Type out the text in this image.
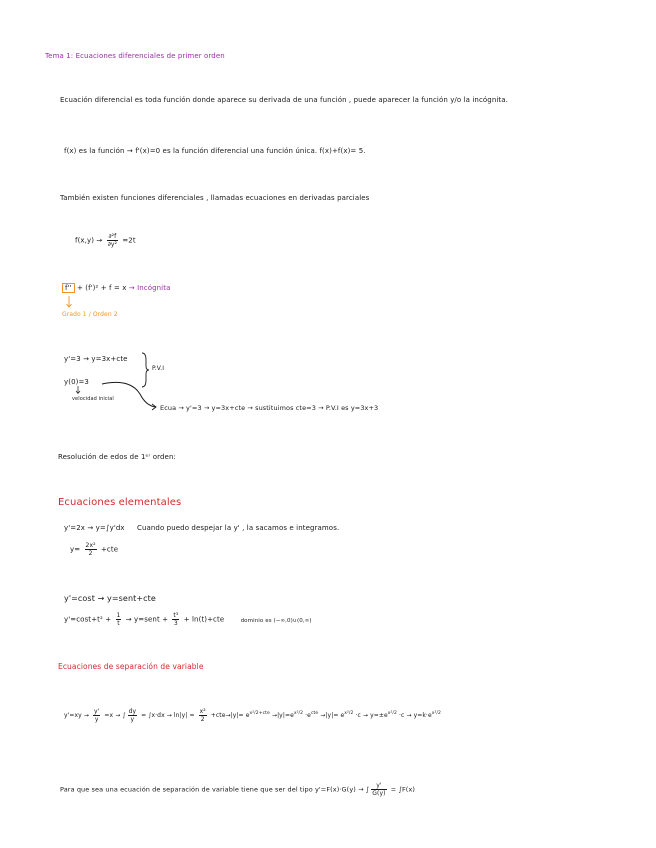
Tema 1: Ecuaciones diferenciales de primer orden
Ecuación diferencial es toda función donde aparece su derivada de una función , puede aparecer la función y/o la incógnita.
f(x) es la función → f'(x)=0 es la función diferencial una función única. f(x)+f(x)= 5.
También existen funciones diferenciales , llamadas ecuaciones en derivadas parciales
$f(x,y) \to \frac{\text{∂²f}}{\text{∂y²}} =2t$
f'' + (f')² + f = x → Incógnita
Grado 1 / Orden 2
y'=3 → y=3x+cte
y(0)=3
P.V.I
velocidad inicial
Ecua → y'=3 → y=3x+cte → sustituimos cte=3 → P.V.I es y=3x+3
Resolución de edos de 1ᵉʳ orden:
Ecuaciones elementales
y'=2x → y=∫y'dx Cuando puedo despejar la y' , la sacamos e integramos.
$y= \frac{\text{2x²}}{2} +cte$
y'=cost → y=sent+cte
$y'=\cos t+t^2 + \frac{1}{t}$ → y=sent + $\frac{\text{t³}}{3} + \ln(t)+cte$	dominio es (−∞,0)∪(0,∞)
Ecuaciones de separación de variable
$y'=xy \to \frac{y'}{y} =x$ → ∫ $\frac{dy}{y} = \int x\cdot dx \to \ln|y| = \frac{\text{x²}}{2} +cte\to|y|= e^{x^2/2+cte} \to|y|=e^{x^2/2} \cdot e^{cte} \to|y|= e^{x^2/2} \cdot c \to y=\pm e^{x^2/2} \cdot c \to y=k\cdot e^{x^2/2}$
Para que sea una ecuación de separación de variable tiene que ser del tipo y'=F(x)·G(y) → ∫ $\frac{y'}{G(y)} = \int F(x)$
